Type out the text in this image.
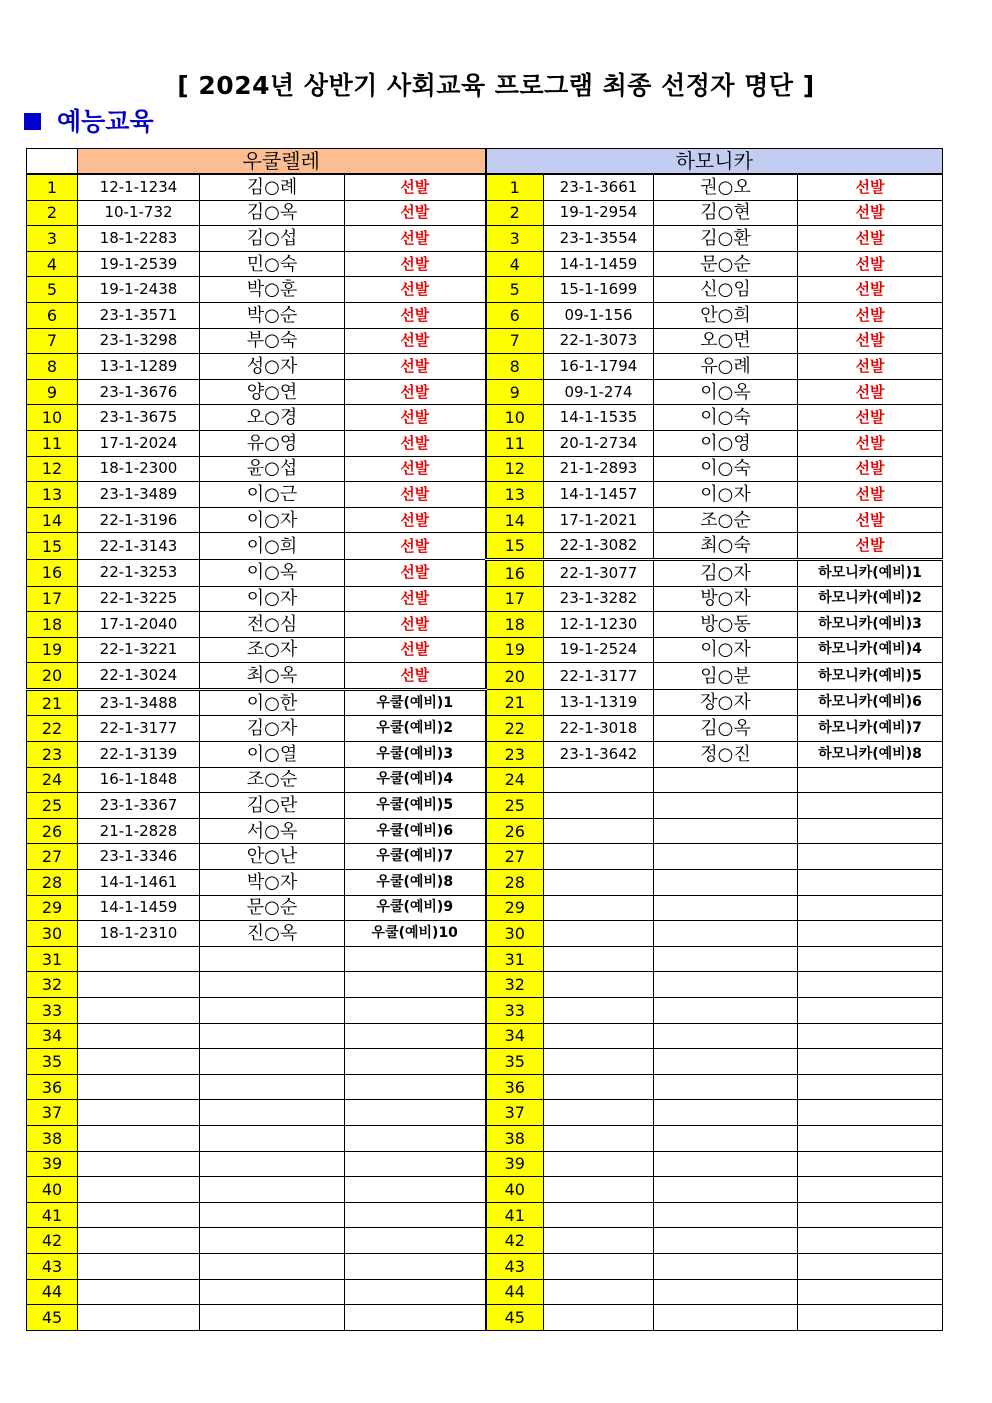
[ 2024년 상반기 사회교육 프로그램 최종 선정자 명단 ]
예능교육
	우쿨렐레			하모니카			
1	12-1-1234	김○례	선발	1	23-1-3661	권○오	선발
2	10-1-732	김○옥	선발	2	19-1-2954	김○현	선발
3	18-1-2283	김○섭	선발	3	23-1-3554	김○환	선발
4	19-1-2539	민○숙	선발	4	14-1-1459	문○순	선발
5	19-1-2438	박○훈	선발	5	15-1-1699	신○임	선발
6	23-1-3571	박○순	선발	6	09-1-156	안○희	선발
7	23-1-3298	부○숙	선발	7	22-1-3073	오○면	선발
8	13-1-1289	성○자	선발	8	16-1-1794	유○례	선발
9	23-1-3676	양○연	선발	9	09-1-274	이○옥	선발
10	23-1-3675	오○경	선발	10	14-1-1535	이○숙	선발
11	17-1-2024	유○영	선발	11	20-1-2734	이○영	선발
12	18-1-2300	윤○섭	선발	12	21-1-2893	이○숙	선발
13	23-1-3489	이○근	선발	13	14-1-1457	이○자	선발
14	22-1-3196	이○자	선발	14	17-1-2021	조○순	선발
15	22-1-3143	이○희	선발	15	22-1-3082	최○숙	선발
16	22-1-3253	이○옥	선발	16	22-1-3077	김○자	하모니카(예비)1
17	22-1-3225	이○자	선발	17	23-1-3282	방○자	하모니카(예비)2
18	17-1-2040	전○심	선발	18	12-1-1230	방○동	하모니카(예비)3
19	22-1-3221	조○자	선발	19	19-1-2524	이○자	하모니카(예비)4
20	22-1-3024	최○옥	선발	20	22-1-3177	임○분	하모니카(예비)5
21	23-1-3488	이○한	우쿨(예비)1	21	13-1-1319	장○자	하모니카(예비)6
22	22-1-3177	김○자	우쿨(예비)2	22	22-1-3018	김○옥	하모니카(예비)7
23	22-1-3139	이○열	우쿨(예비)3	23	23-1-3642	정○진	하모니카(예비)8
24	16-1-1848	조○순	우쿨(예비)4	24			
25	23-1-3367	김○란	우쿨(예비)5	25			
26	21-1-2828	서○옥	우쿨(예비)6	26			
27	23-1-3346	안○난	우쿨(예비)7	27			
28	14-1-1461	박○자	우쿨(예비)8	28			
29	14-1-1459	문○순	우쿨(예비)9	29			
30	18-1-2310	진○옥	우쿨(예비)10	30			
31				31			
32				32			
33				33			
34				34			
35				35			
36				36			
37				37			
38				38			
39				39			
40				40			
41				41			
42				42			
43				43			
44				44			
45				45			
